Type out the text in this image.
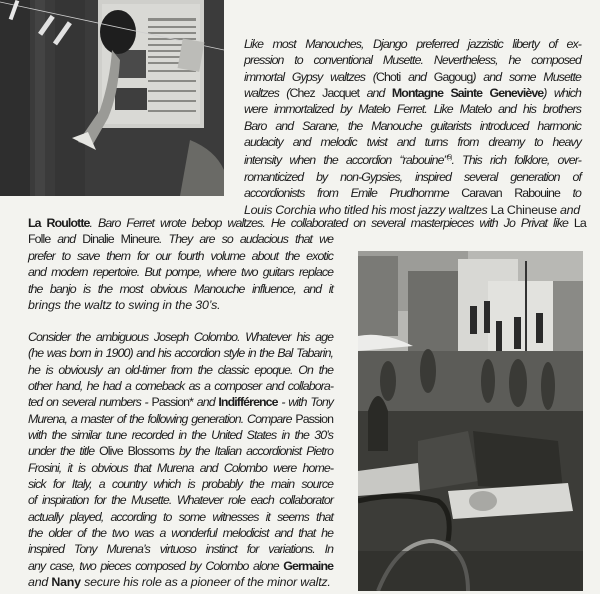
Like most Manouches, Django preferred jazzistic liberty of ex-
pression to conventional Musette. Nevertheless, he composed
immortal Gypsy waltzes (Choti and Gagoug) and some Musette
waltzes (Chez Jacquet and Montagne Sainte Geneviève) which
were immortalized by Matelo Ferret. Like Matelo and his brothers
Baro and Sarane, the Manouche guitarists introduced harmonic
audacity and melodic twist and turns from dreamy to heavy
intensity when the accordion “rabouine”$^{(5)}$. This rich folklore, over-
romanticized by non-Gypsies, inspired several generation of
accordionists from Emile Prudhomme Caravan Rabouine to
Louis Corchia who titled his most jazzy waltzes La Chineuse and
La Roulotte. Baro Ferret wrote bebop waltzes. He collaborated on several masterpieces with Jo Privat like La
Folle and Dinalie Mineure. They are so audacious that we
prefer to save them for our fourth volume about the exotic
and modern repertoire. But pompe, where two guitars replace
the banjo is the most obvious Manouche influence, and it
brings the waltz to swing in the 30’s.
Consider the ambiguous Joseph Colombo. Whatever his age
(he was born in 1900) and his accordion style in the Bal Tabarin,
he is obviously an old-timer from the classic epoque. On the
other hand, he had a comeback as a composer and collabora-
ted on several numbers - Passion* and Indifférence - with Tony
Murena, a master of the following generation. Compare Passion
with the similar tune recorded in the United States in the 30’s
under the title Olive Blossoms by the Italian accordionist Pietro
Frosini, it is obvious that Murena and Colombo were home-
sick for Italy, a country which is probably the main source
of inspiration for the Musette. Whatever role each collaborator
actually played, according to some witnesses it seems that
the older of the two was a wonderful melodicist and that he
inspired Tony Murena’s virtuoso instinct for variations. In
any case, two pieces composed by Colombo alone Germaine
and Nany secure his role as a pioneer of the minor waltz.
